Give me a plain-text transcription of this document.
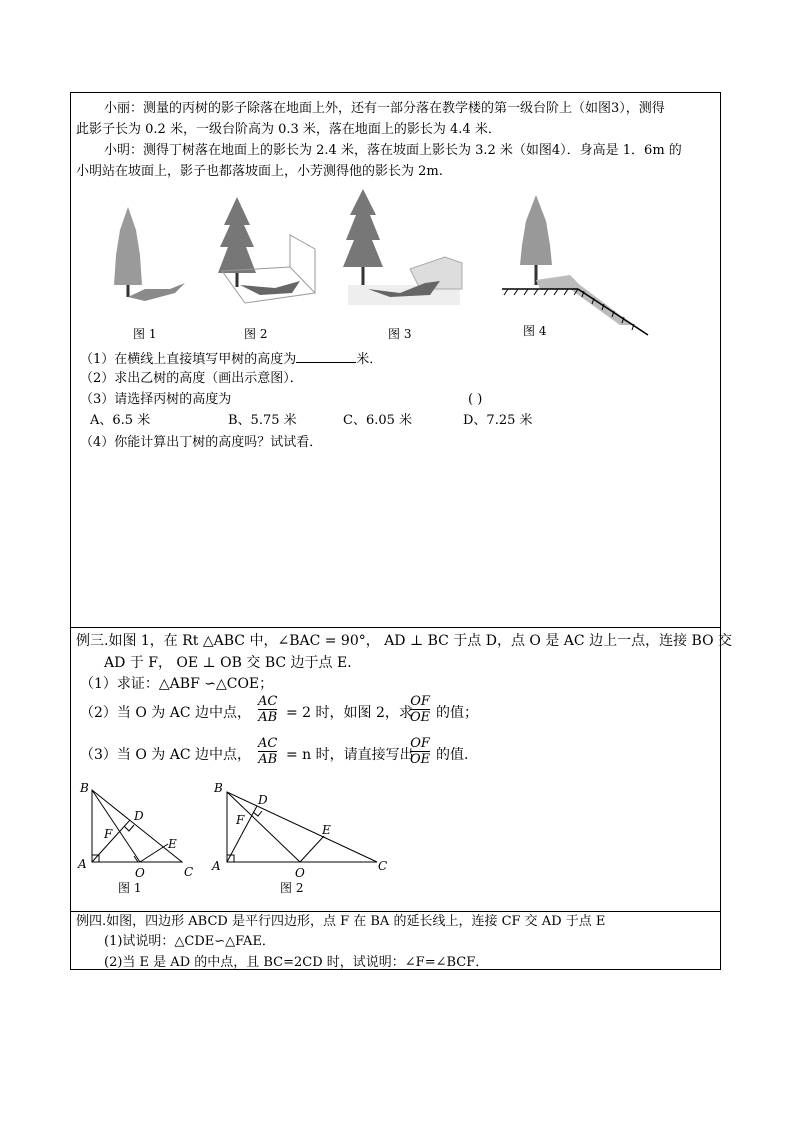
小丽：测量的丙树的影子除落在地面上外，还有一部分落在教学楼的第一级台阶上（如图3），测得
此影子长为 0.2 米，一级台阶高为 0.3 米，落在地面上的影长为 4.4 米．
小明：测得丁树落在地面上的影长为 2.4 米，落在坡面上影长为 3.2 米（如图4）．身高是 1．6m 的
小明站在坡面上，影子也都落坡面上，小芳测得他的影长为 2m.
图 1	图 2	图 3	图 4
（1）在横线上直接填写甲树的高度为	米．
（2）求出乙树的高度（画出示意图）．
（3）请选择丙树的高度为	( )
A、6.5 米	B、5.75 米	C、6.05 米	D、7.25 米
（4）你能计算出丁树的高度吗？试试看．
例三.如图 1，在 Rt △ABC 中，∠BAC = 90°， AD ⊥ BC 于点 D，点 O 是 AC 边上一点，连接 BO 交
AD 于 F， OE ⊥ OB 交 BC 边于点 E．
（1）求证：△ABF ∽△COE；
（2）当 O 为 AC 边中点，
AC
AB = 2 时，如图 2，求
OF
OE 的值；
（3）当 O 为 AC 边中点，
AC
AB = n 时，请直接写出
OF
OE 的值.
B
D
F
E
A
O	C
B
D
F
E
A	O	C
图 1	图 2
例四.如图，四边形 ABCD 是平行四边形，点 F 在 BA 的延长线上，连接 CF 交 AD 于点 E
(1)试说明：△CDE∽△FAE．
(2)当 E 是 AD 的中点，且 BC=2CD 时，试说明：∠F=∠BCF．
